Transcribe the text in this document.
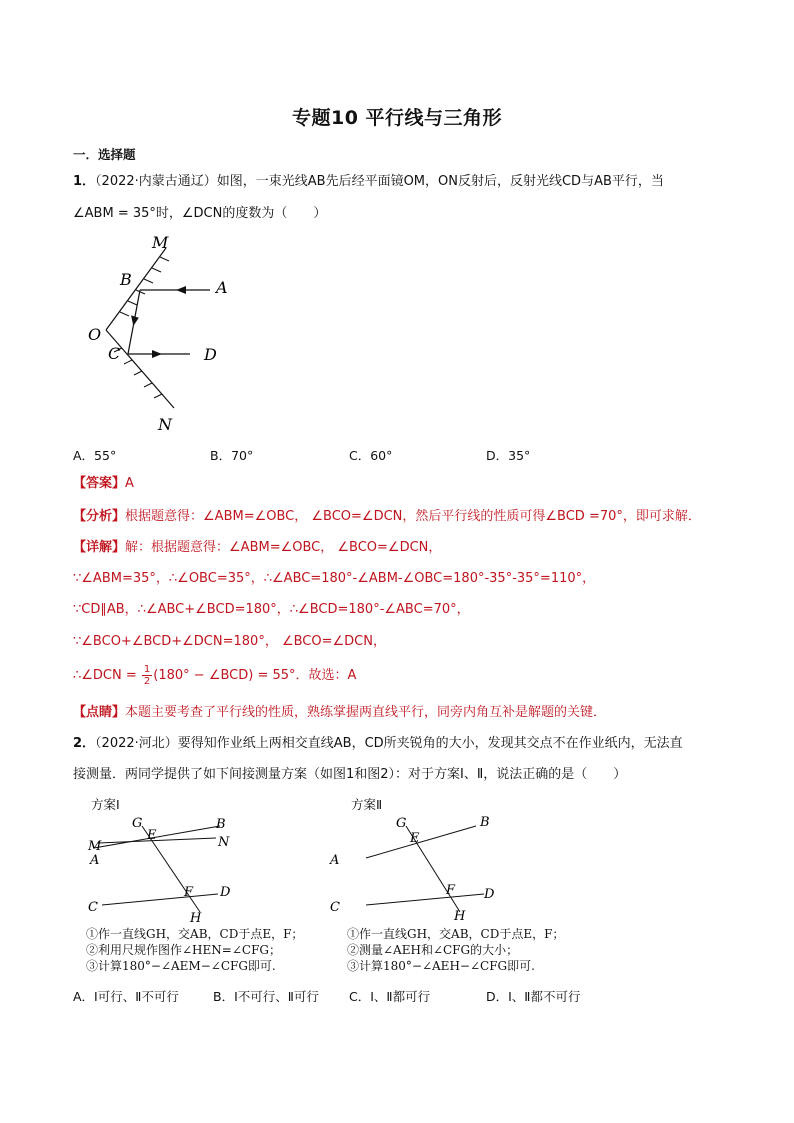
专题10 平行线与三角形
一．选择题
1．（2022·内蒙古通辽）如图，一束光线AB先后经平面镜OM，ON反射后，反射光线CD与AB平行，当
∠ABM = 35°时，∠DCN的度数为（　　）
M
B	A
O
C	D
N
A．55°	B．70°	C．60°	D．35°
【答案】A
【分析】根据题意得：∠ABM=∠OBC， ∠BCO=∠DCN，然后平行线的性质可得∠BCD =70°，即可求解．
【详解】解：根据题意得：∠ABM=∠OBC， ∠BCO=∠DCN，
∵∠ABM=35°，∴∠OBC=35°，∴∠ABC=180°-∠ABM-∠OBC=180°-35°-35°=110°，
∵CD∥AB，∴∠ABC+∠BCD=180°，∴∠BCD=180°-∠ABC=70°，
∵∠BCO+∠BCD+∠DCN=180°， ∠BCO=∠DCN，
∴∠DCN = $\frac{1}{2} (180^\circ$ − ∠BCD) = 55°．故选：A
【点睛】本题主要考查了平行线的性质，熟练掌握两直线平行，同旁内角互补是解题的关键．
2．（2022·河北）要得知作业纸上两相交直线AB，CD所夹锐角的大小，发现其交点不在作业纸内，无法直
接测量．两同学提供了如下间接测量方案（如图1和图2）：对于方案Ⅰ、Ⅱ，说法正确的是（　　）
方案Ⅰ	方案Ⅱ
G
E
B
M	N
A
F D
C
H
G
E
B
A
F D
C
H
①作一直线GH，交AB，CD于点E，F；
②利用尺规作图作∠HEN=∠CFG；
③计算180°−∠AEM−∠CFG即可.
①作一直线GH，交AB，CD于点E，F；
②测量∠AEH和∠CFG的大小；
③计算180°−∠AEH−∠CFG即可.
A．Ⅰ可行、Ⅱ不可行	B．Ⅰ不可行、Ⅱ可行 C．Ⅰ、Ⅱ都可行	D．Ⅰ、Ⅱ都不可行
